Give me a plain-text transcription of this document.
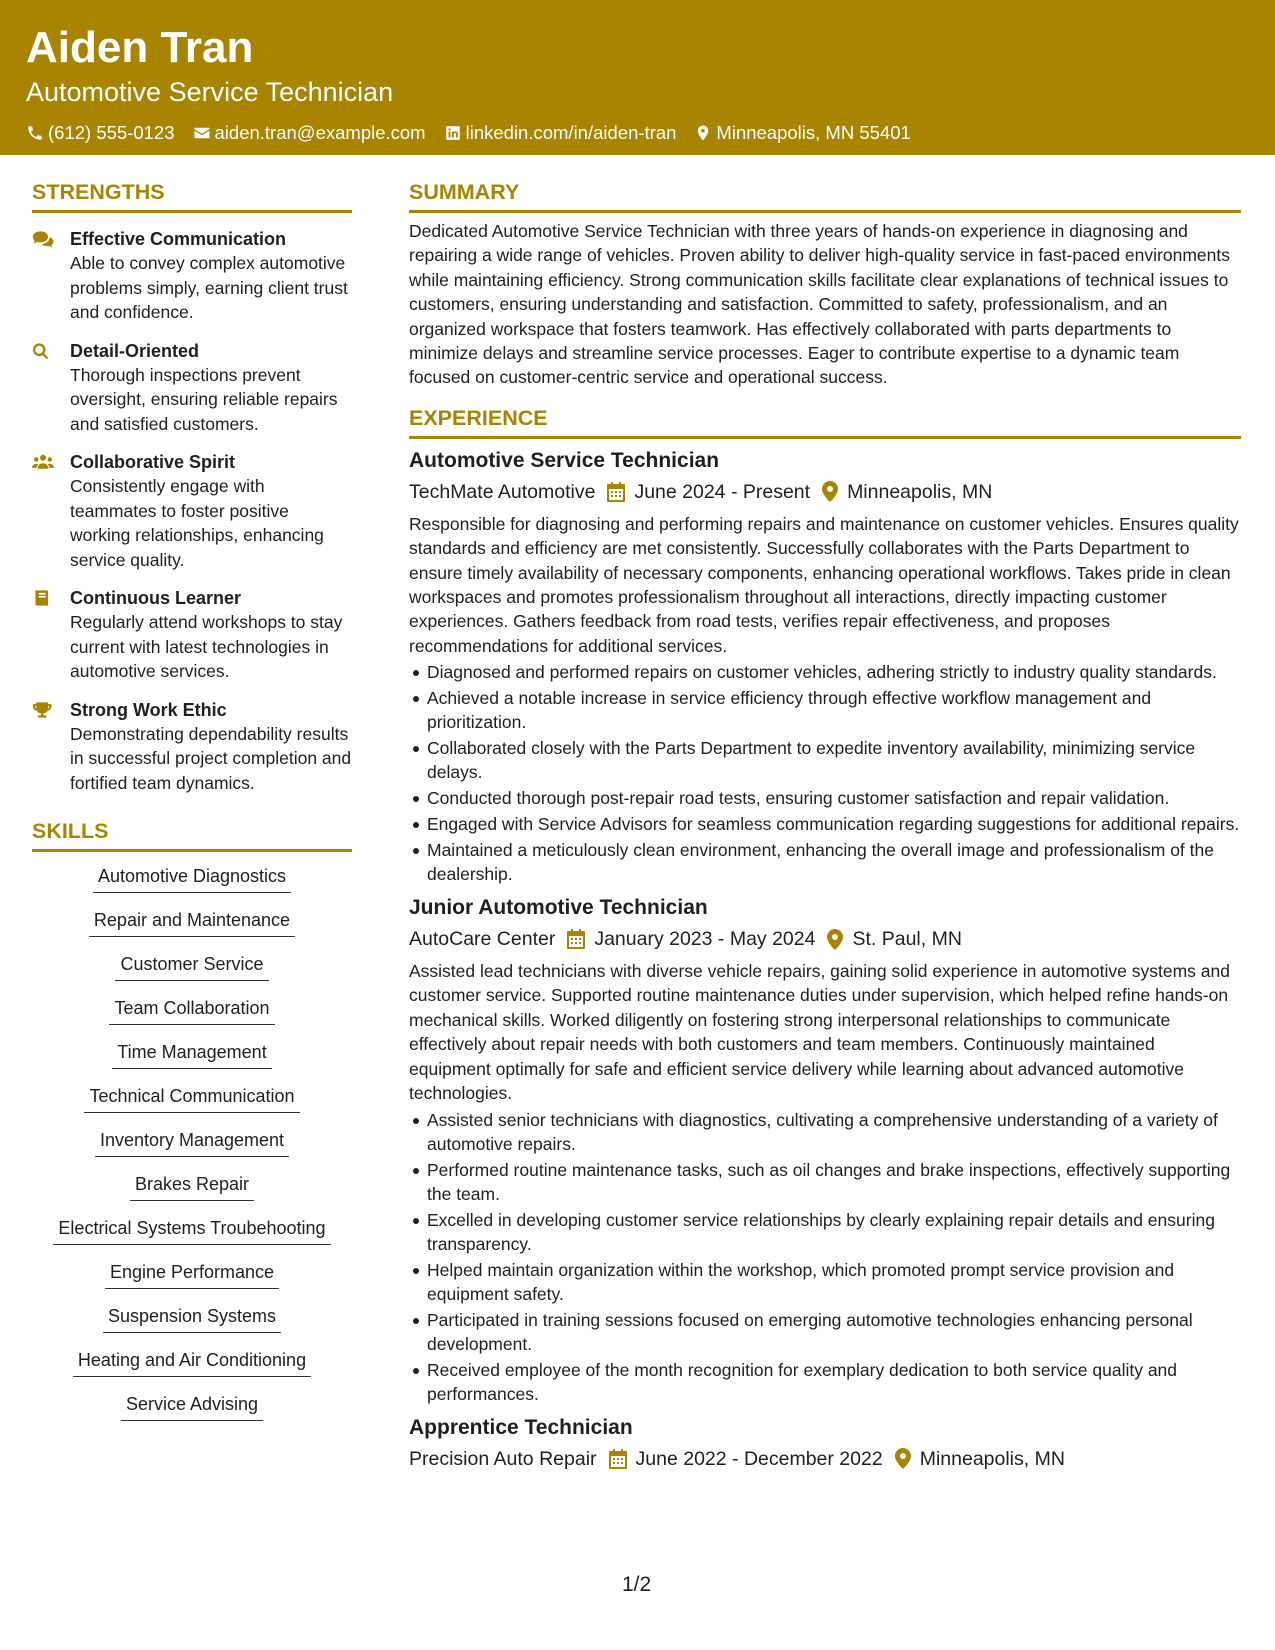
Aiden Tran
Automotive Service Technician
(612) 555-0123 aiden.tran@example.com linkedin.com/in/aiden-tran Minneapolis, MN 55401
STRENGTHS
Effective Communication
Able to convey complex automotive problems simply, earning client trust and confidence.
Detail-Oriented
Thorough inspections prevent oversight, ensuring reliable repairs and satisfied customers.
Collaborative Spirit
Consistently engage with teammates to foster positive working relationships, enhancing service quality.
Continuous Learner
Regularly attend workshops to stay current with latest technologies in automotive services.
Strong Work Ethic
Demonstrating dependability results in successful project completion and fortified team dynamics.
SKILLS
Automotive Diagnostics
Repair and Maintenance
Customer Service
Team Collaboration
Time Management
Technical Communication
Inventory Management
Brakes Repair
Electrical Systems Troubehooting
Engine Performance
Suspension Systems
Heating and Air Conditioning
Service Advising
SUMMARY
Dedicated Automotive Service Technician with three years of hands-on experience in diagnosing and repairing a wide range of vehicles. Proven ability to deliver high-quality service in fast-paced environments while maintaining efficiency. Strong communication skills facilitate clear explanations of technical issues to customers, ensuring understanding and satisfaction. Committed to safety, professionalism, and an organized workspace that fosters teamwork. Has effectively collaborated with parts departments to minimize delays and streamline service processes. Eager to contribute expertise to a dynamic team focused on customer-centric service and operational success.
EXPERIENCE
Automotive Service Technician
TechMate Automotive June 2024 - Present Minneapolis, MN
Responsible for diagnosing and performing repairs and maintenance on customer vehicles. Ensures quality standards and efficiency are met consistently. Successfully collaborates with the Parts Department to ensure timely availability of necessary components, enhancing operational workflows. Takes pride in clean workspaces and promotes professionalism throughout all interactions, directly impacting customer experiences. Gathers feedback from road tests, verifies repair effectiveness, and proposes recommendations for additional services.
Diagnosed and performed repairs on customer vehicles, adhering strictly to industry quality standards.
Achieved a notable increase in service efficiency through effective workflow management and prioritization.
Collaborated closely with the Parts Department to expedite inventory availability, minimizing service delays.
Conducted thorough post-repair road tests, ensuring customer satisfaction and repair validation.
Engaged with Service Advisors for seamless communication regarding suggestions for additional repairs.
Maintained a meticulously clean environment, enhancing the overall image and professionalism of the dealership.
Junior Automotive Technician
AutoCare Center January 2023 - May 2024 St. Paul, MN
Assisted lead technicians with diverse vehicle repairs, gaining solid experience in automotive systems and customer service. Supported routine maintenance duties under supervision, which helped refine hands-on mechanical skills. Worked diligently on fostering strong interpersonal relationships to communicate effectively about repair needs with both customers and team members. Continuously maintained equipment optimally for safe and efficient service delivery while learning about advanced automotive technologies.
Assisted senior technicians with diagnostics, cultivating a comprehensive understanding of a variety of automotive repairs.
Performed routine maintenance tasks, such as oil changes and brake inspections, effectively supporting the team.
Excelled in developing customer service relationships by clearly explaining repair details and ensuring transparency.
Helped maintain organization within the workshop, which promoted prompt service provision and equipment safety.
Participated in training sessions focused on emerging automotive technologies enhancing personal development.
Received employee of the month recognition for exemplary dedication to both service quality and performances.
Apprentice Technician
Precision Auto Repair June 2022 - December 2022 Minneapolis, MN
1/2
